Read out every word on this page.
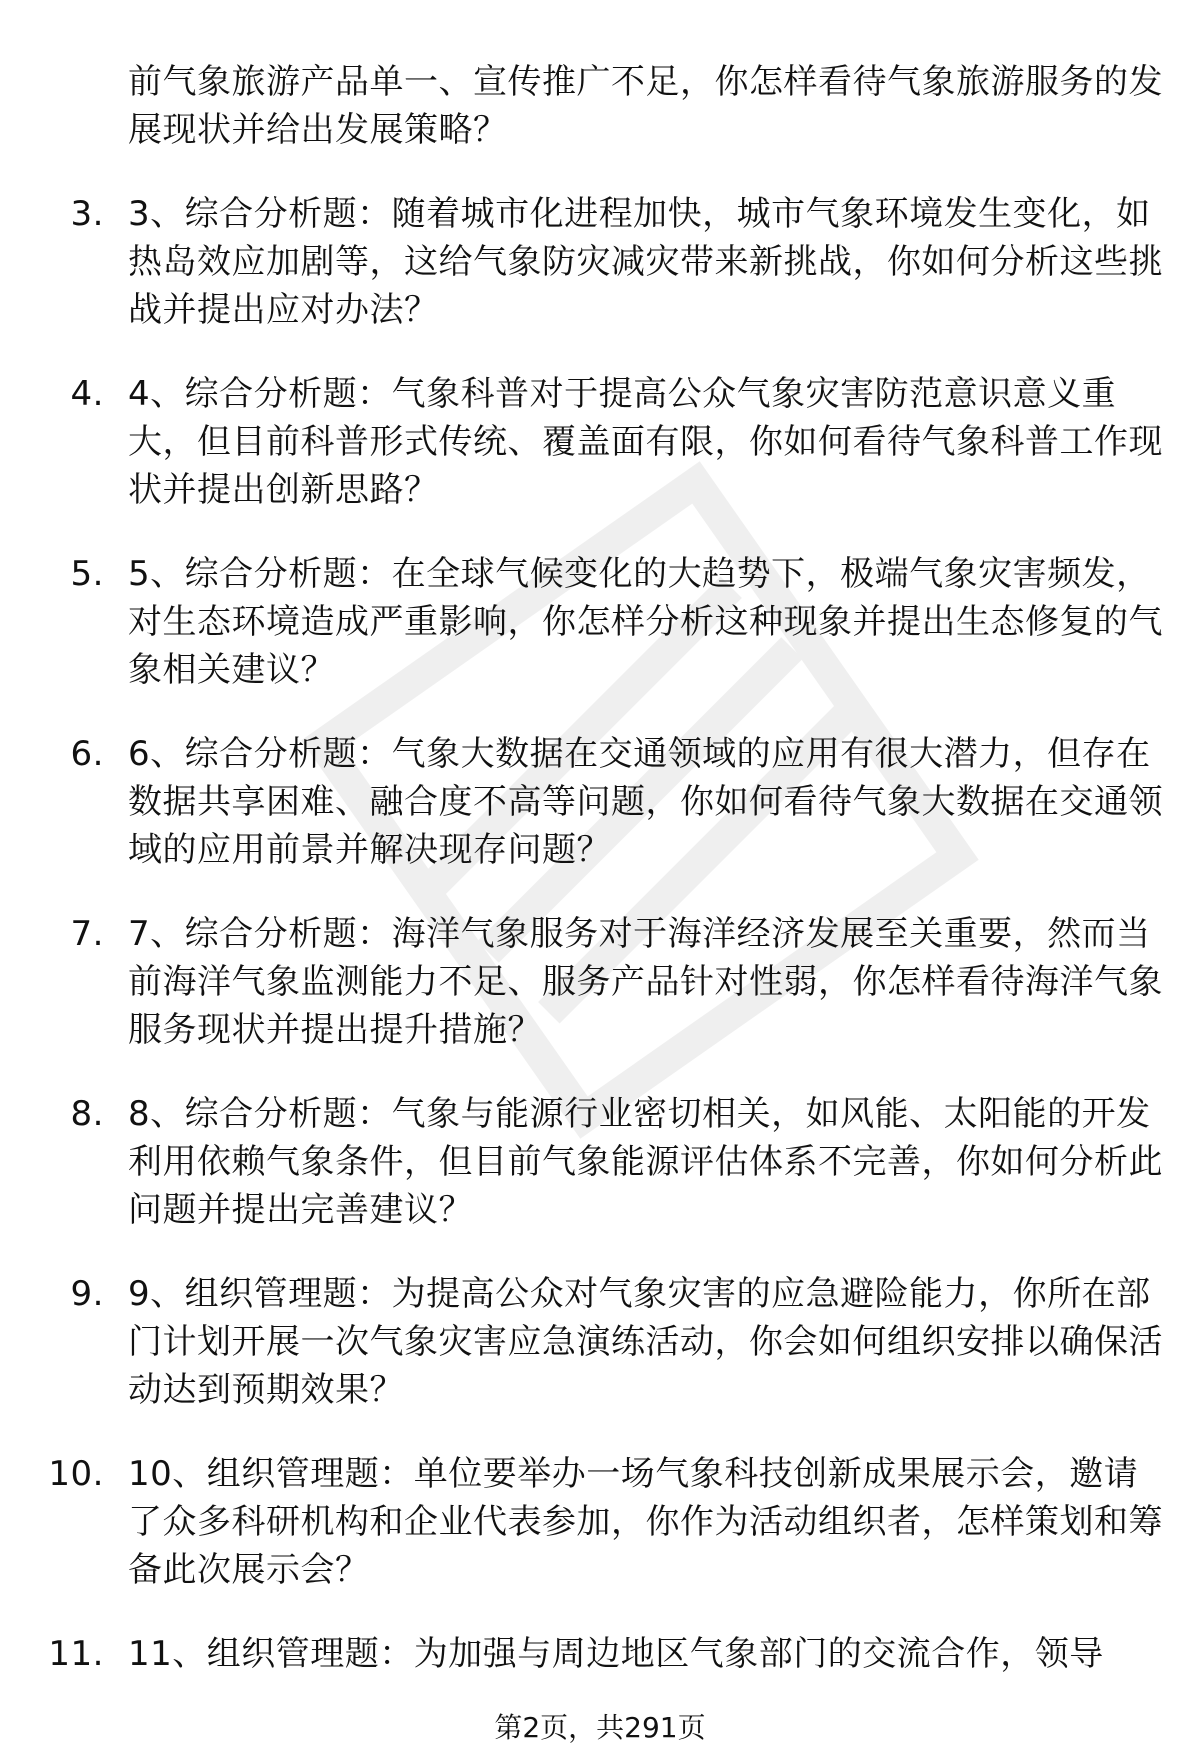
前气象旅游产品单一、宣传推广不足，你怎样看待气象旅游服务的发展现状并给出发展策略？
3. 3、综合分析题：随着城市化进程加快，城市气象环境发生变化，如热岛效应加剧等，这给气象防灾减灾带来新挑战，你如何分析这些挑战并提出应对办法？
4. 4、综合分析题：气象科普对于提高公众气象灾害防范意识意义重大，但目前科普形式传统、覆盖面有限，你如何看待气象科普工作现状并提出创新思路？
5. 5、综合分析题：在全球气候变化的大趋势下，极端气象灾害频发，对生态环境造成严重影响，你怎样分析这种现象并提出生态修复的气象相关建议？
6. 6、综合分析题：气象大数据在交通领域的应用有很大潜力，但存在数据共享困难、融合度不高等问题，你如何看待气象大数据在交通领域的应用前景并解决现存问题？
7. 7、综合分析题：海洋气象服务对于海洋经济发展至关重要，然而当前海洋气象监测能力不足、服务产品针对性弱，你怎样看待海洋气象服务现状并提出提升措施？
8. 8、综合分析题：气象与能源行业密切相关，如风能、太阳能的开发利用依赖气象条件，但目前气象能源评估体系不完善，你如何分析此问题并提出完善建议？
9. 9、组织管理题：为提高公众对气象灾害的应急避险能力，你所在部门计划开展一次气象灾害应急演练活动，你会如何组织安排以确保活动达到预期效果？
10. 10、组织管理题：单位要举办一场气象科技创新成果展示会，邀请了众多科研机构和企业代表参加，你作为活动组织者，怎样策划和筹备此次展示会？
11. 11、组织管理题：为加强与周边地区气象部门的交流合作，领导
第2页，共291页
